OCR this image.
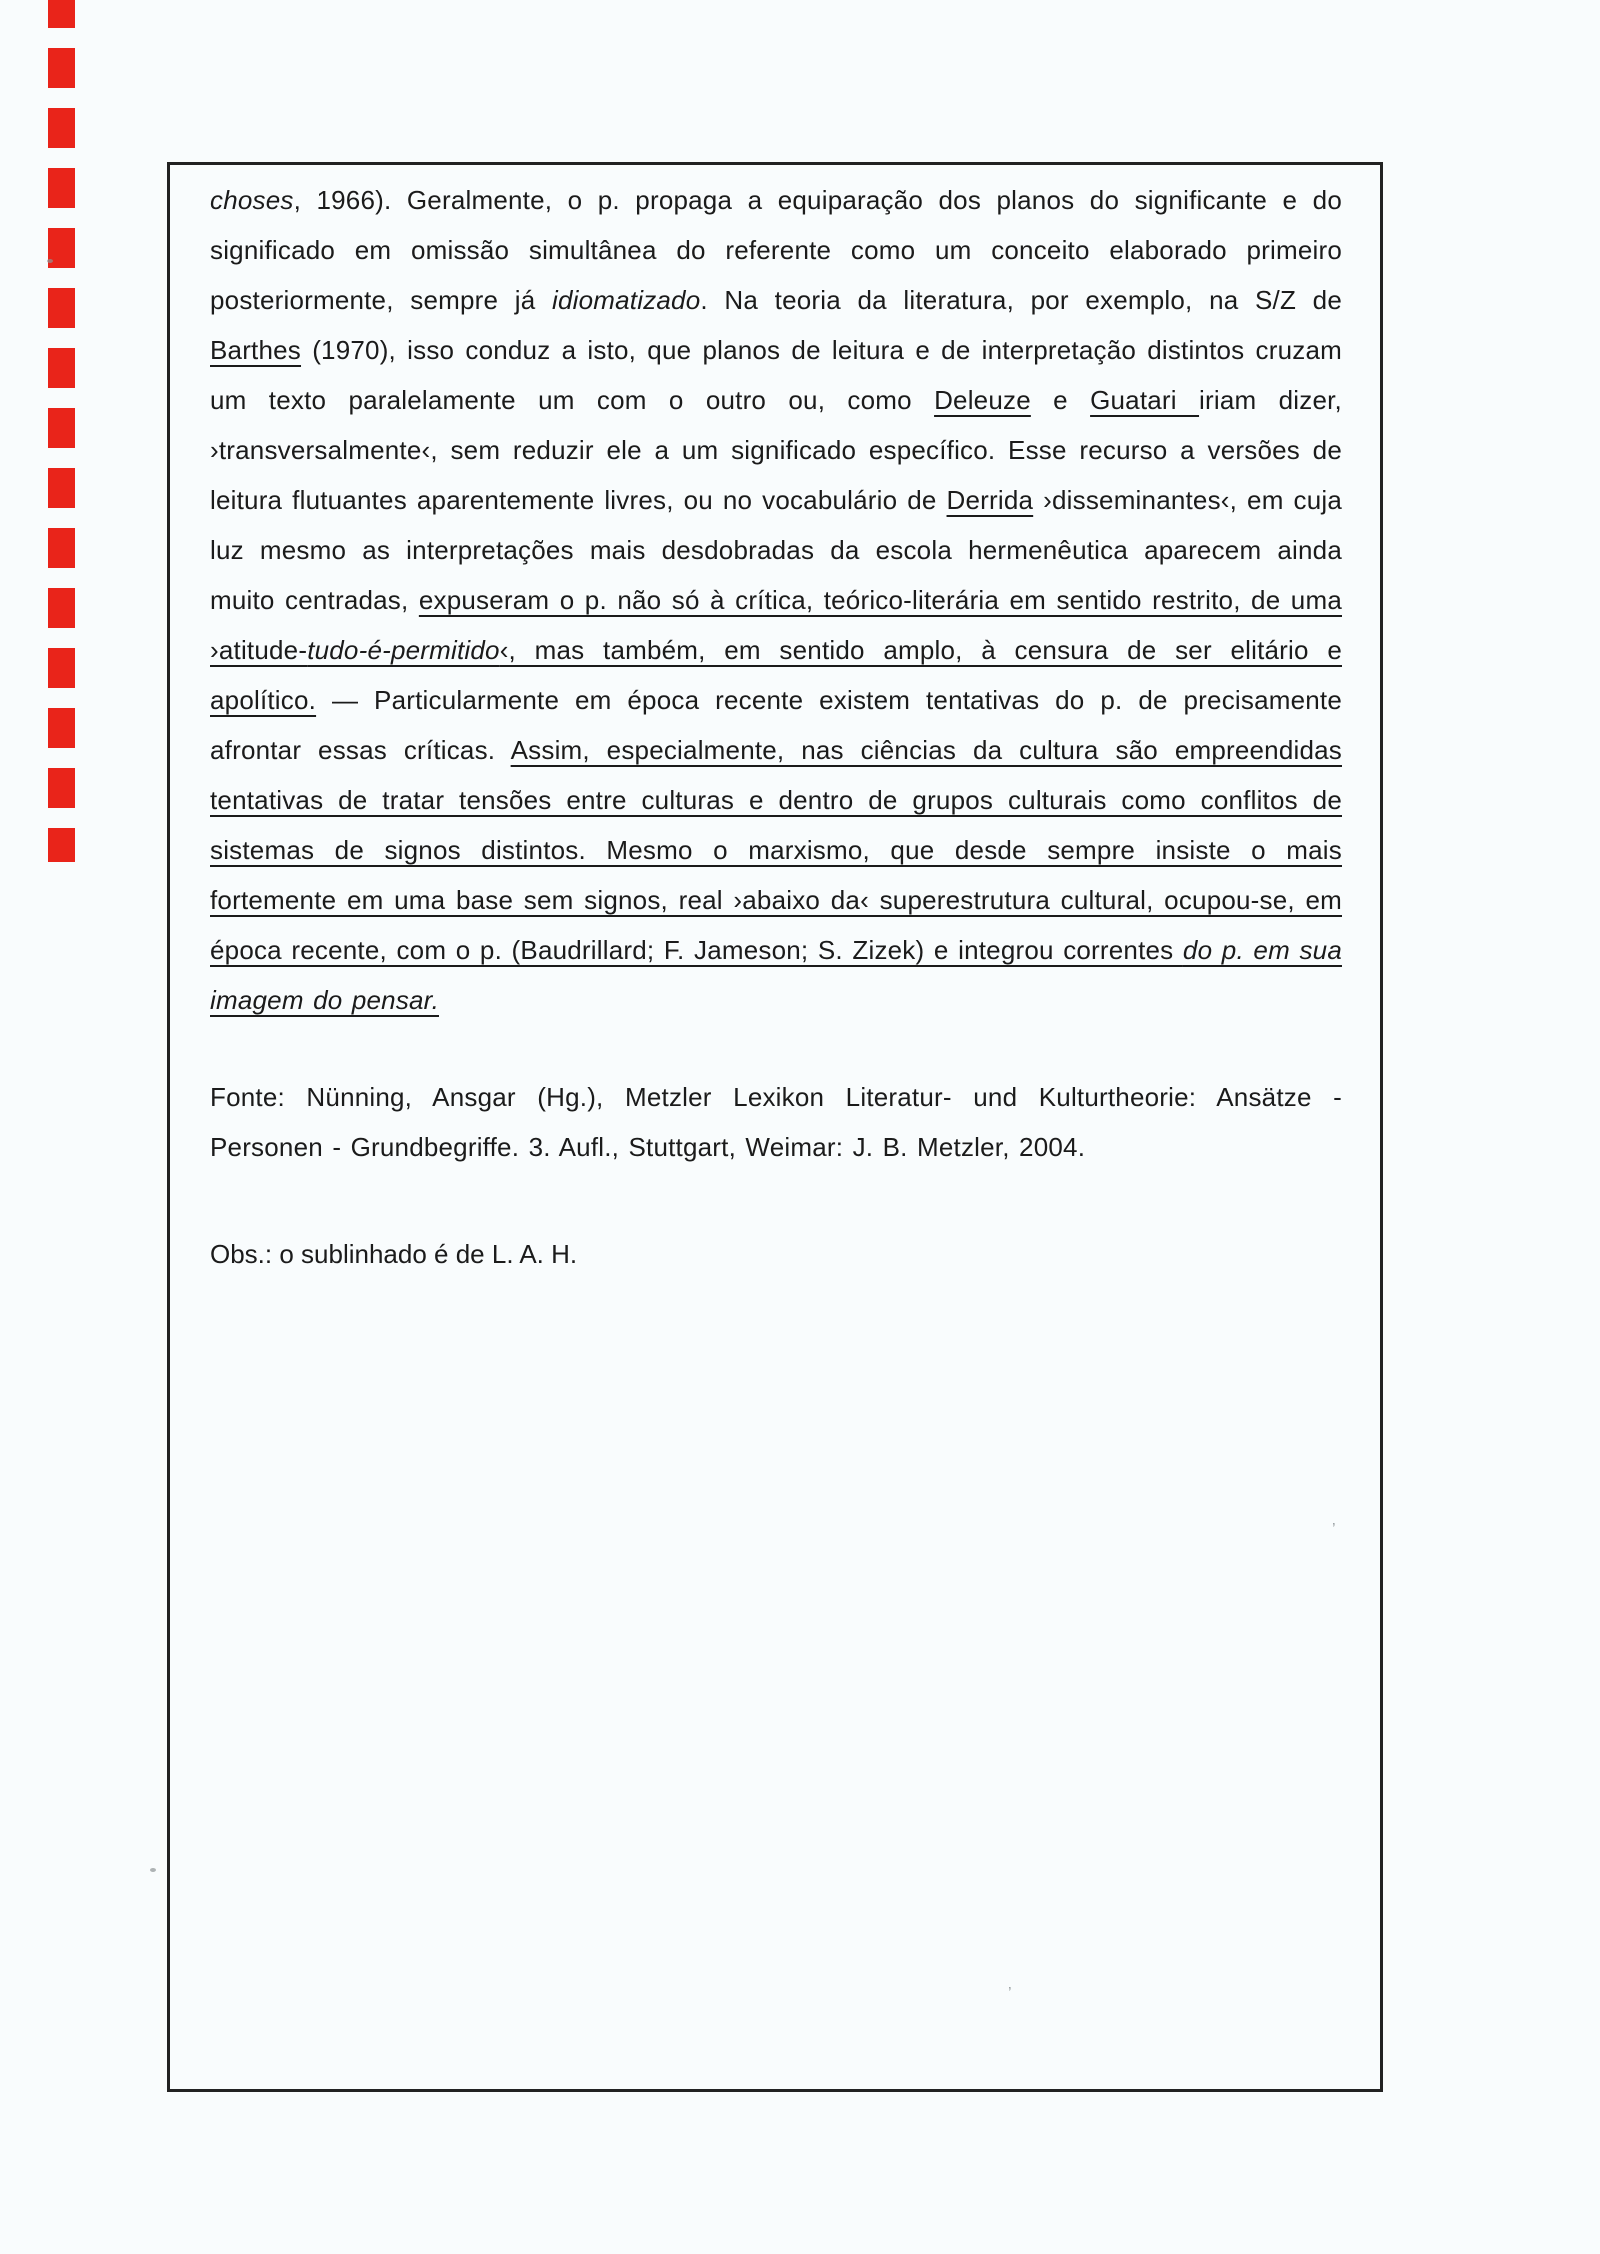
choses, 1966). Geralmente, o p. propaga a equiparação dos planos do significante e do significado em omissão simultânea do referente como um conceito elaborado primeiro posteriormente, sempre já idiomatizado. Na teoria da literatura, por exemplo, na S/Z de Barthes (1970), isso conduz a isto, que planos de leitura e de interpretação distintos cruzam um texto paralelamente um com o outro ou, como Deleuze e Guatari iriam dizer, ›transversalmente‹, sem reduzir ele a um significado específico. Esse recurso a versões de leitura flutuantes aparentemente livres, ou no vocabulário de Derrida ›disseminantes‹, em cuja luz mesmo as interpretações mais desdobradas da escola hermenêutica aparecem ainda muito centradas, expuseram o p. não só à crítica, teórico-literária em sentido restrito, de uma ›atitude-tudo-é-permitido‹, mas também, em sentido amplo, à censura de ser elitário e apolítico. — Particularmente em época recente existem tentativas do p. de precisamente afrontar essas críticas. Assim, especialmente, nas ciências da cultura são empreendidas tentativas de tratar tensões entre culturas e dentro de grupos culturais como conflitos de sistemas de signos distintos. Mesmo o marxismo, que desde sempre insiste o mais fortemente em uma base sem signos, real ›abaixo da‹ superestrutura cultural, ocupou-se, em época recente, com o p. (Baudrillard; F. Jameson; S. Zizek) e integrou correntes do p. em sua imagem do pensar.

Fonte: Nünning, Ansgar (Hg.), Metzler Lexikon Literatur- und Kulturtheorie: Ansätze - Personen - Grundbegriffe. 3. Aufl., Stuttgart, Weimar: J. B. Metzler, 2004.

Obs.: o sublinhado é de L. A. H.

’
’
